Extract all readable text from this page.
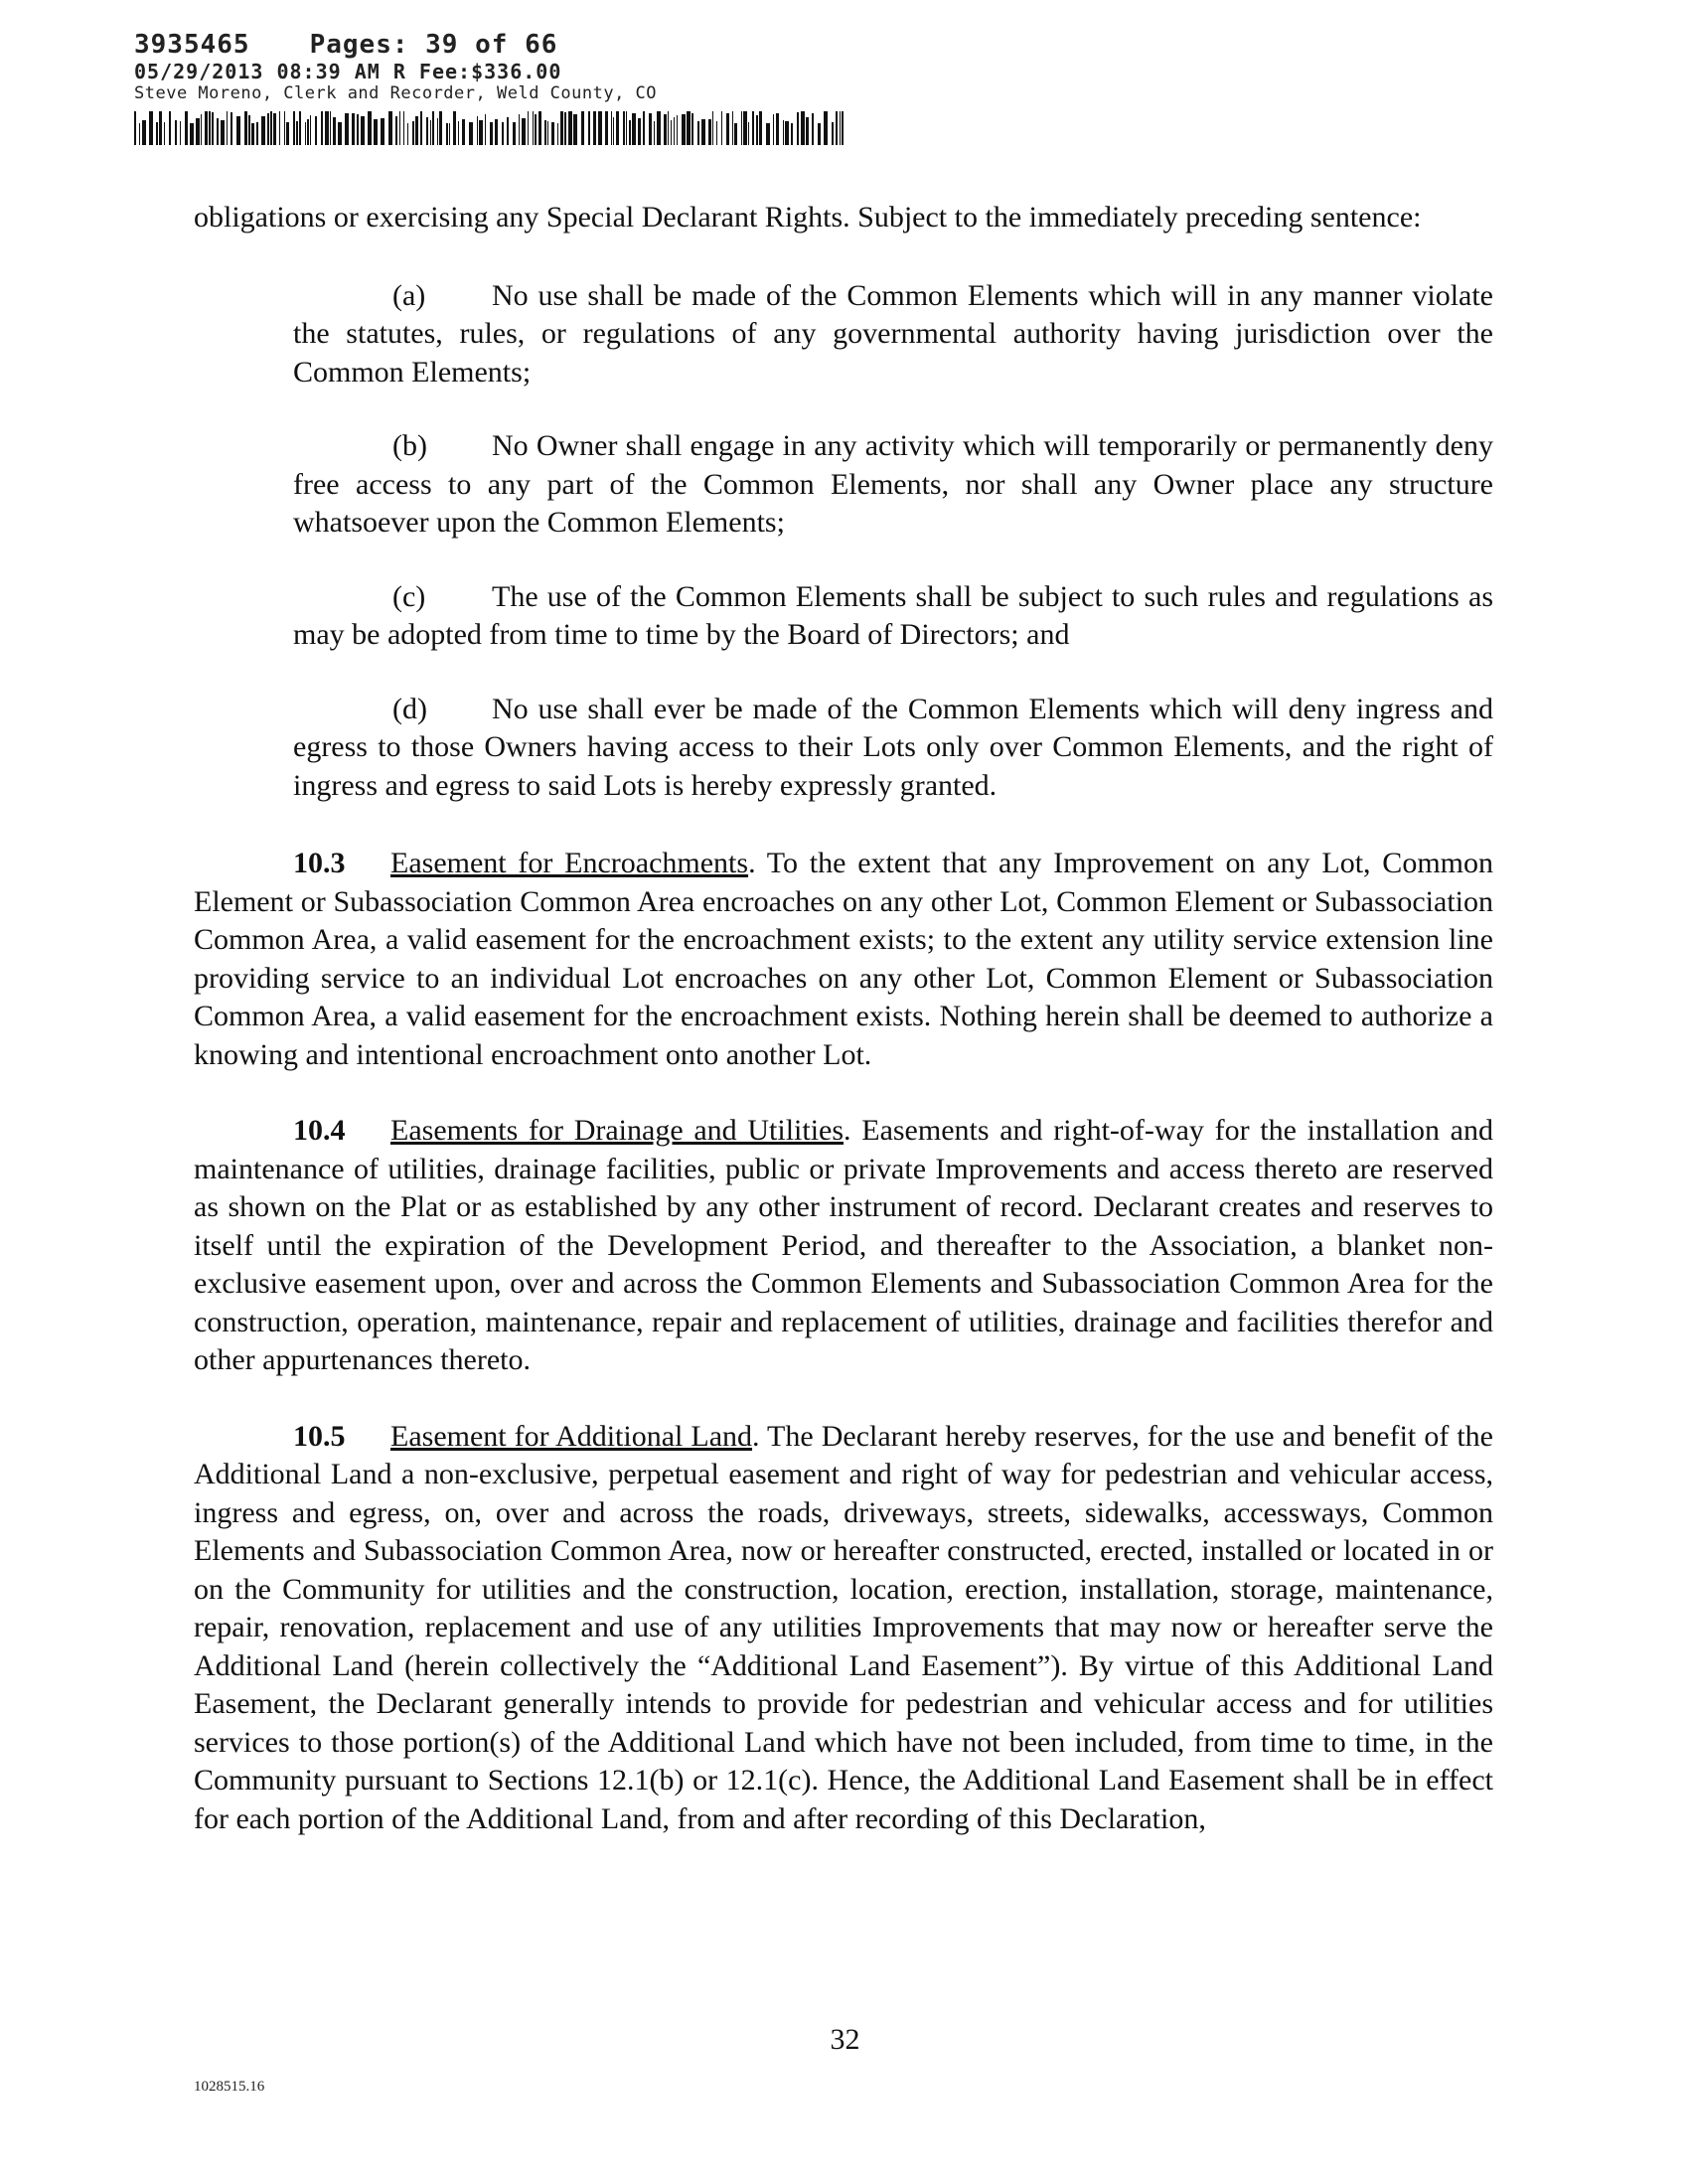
3935465 Pages: 39 of 66
05/29/2013 08:39 AM R Fee:$336.00
Steve Moreno, Clerk and Recorder, Weld County, CO

obligations or exercising any Special Declarant Rights. Subject to the immediately preceding sentence:

(a) No use shall be made of the Common Elements which will in any manner violate the statutes, rules, or regulations of any governmental authority having jurisdiction over the Common Elements;

(b) No Owner shall engage in any activity which will temporarily or permanently deny free access to any part of the Common Elements, nor shall any Owner place any structure whatsoever upon the Common Elements;

(c) The use of the Common Elements shall be subject to such rules and regulations as may be adopted from time to time by the Board of Directors; and

(d) No use shall ever be made of the Common Elements which will deny ingress and egress to those Owners having access to their Lots only over Common Elements, and the right of ingress and egress to said Lots is hereby expressly granted.

10.3 Easement for Encroachments. To the extent that any Improvement on any Lot, Common Element or Subassociation Common Area encroaches on any other Lot, Common Element or Subassociation Common Area, a valid easement for the encroachment exists; to the extent any utility service extension line providing service to an individual Lot encroaches on any other Lot, Common Element or Subassociation Common Area, a valid easement for the encroachment exists. Nothing herein shall be deemed to authorize a knowing and intentional encroachment onto another Lot.

10.4 Easements for Drainage and Utilities. Easements and right-of-way for the installation and maintenance of utilities, drainage facilities, public or private Improvements and access thereto are reserved as shown on the Plat or as established by any other instrument of record. Declarant creates and reserves to itself until the expiration of the Development Period, and thereafter to the Association, a blanket non-exclusive easement upon, over and across the Common Elements and Subassociation Common Area for the construction, operation, maintenance, repair and replacement of utilities, drainage and facilities therefor and other appurtenances thereto.

10.5 Easement for Additional Land. The Declarant hereby reserves, for the use and benefit of the Additional Land a non-exclusive, perpetual easement and right of way for pedestrian and vehicular access, ingress and egress, on, over and across the roads, driveways, streets, sidewalks, accessways, Common Elements and Subassociation Common Area, now or hereafter constructed, erected, installed or located in or on the Community for utilities and the construction, location, erection, installation, storage, maintenance, repair, renovation, replacement and use of any utilities Improvements that may now or hereafter serve the Additional Land (herein collectively the “Additional Land Easement”). By virtue of this Additional Land Easement, the Declarant generally intends to provide for pedestrian and vehicular access and for utilities services to those portion(s) of the Additional Land which have not been included, from time to time, in the Community pursuant to Sections 12.1(b) or 12.1(c). Hence, the Additional Land Easement shall be in effect for each portion of the Additional Land, from and after recording of this Declaration,

32
1028515.16
